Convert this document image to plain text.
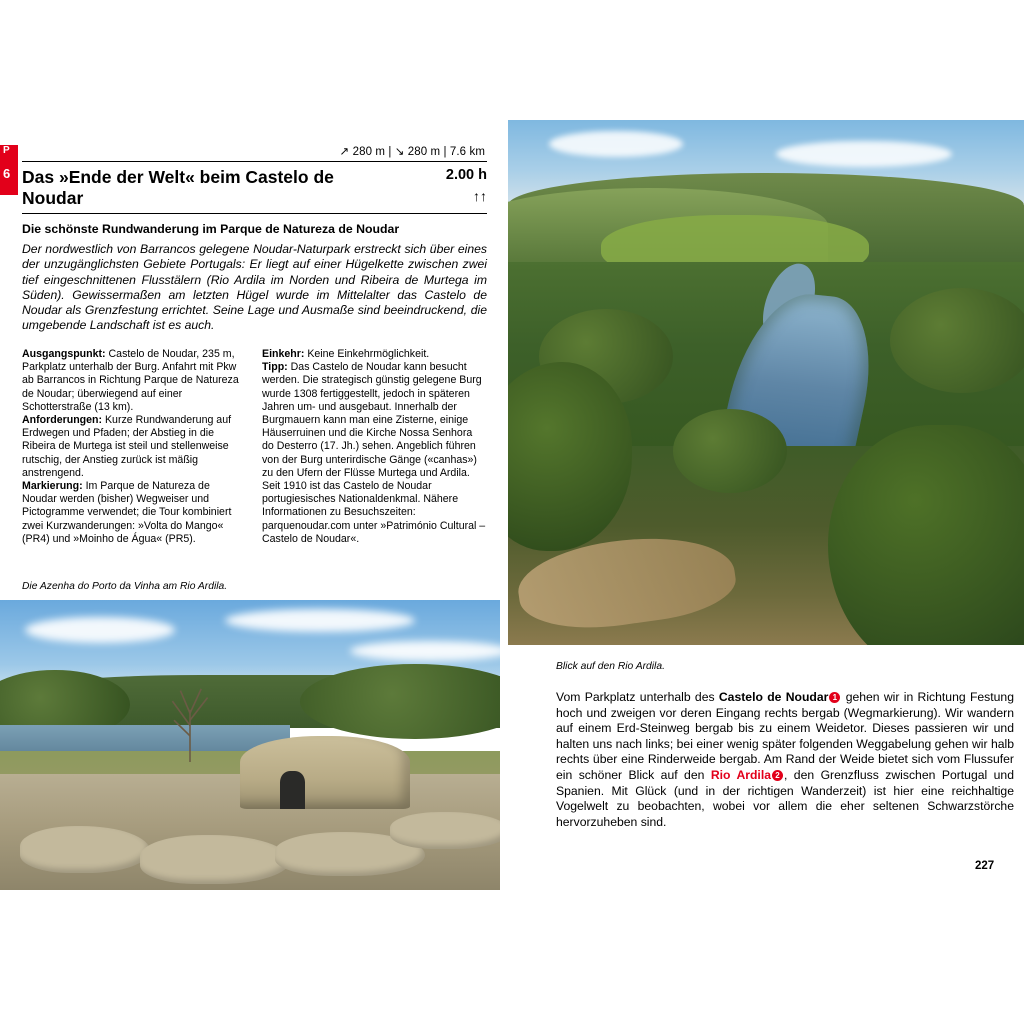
P
6
↗ 280 m | ↘ 280 m | 7.6 km
Das »Ende der Welt« beim Castelo de Noudar
2.00 h
↑↑
Die schönste Rundwanderung im Parque de Natureza de Noudar
Der nordwestlich von Barrancos gelegene Noudar-Naturpark erstreckt sich über eines der unzugänglichsten Gebiete Portugals: Er liegt auf einer Hügelkette zwischen zwei tief eingeschnittenen Flusstälern (Rio Ardila im Norden und Ribeira de Murtega im Süden). Gewissermaßen am letzten Hügel wurde im Mittelalter das Castelo de Noudar als Grenzfestung errichtet. Seine Lage und Ausmaße sind beeindruckend, die umgebende Landschaft ist es auch.

Ausgangspunkt: Castelo de Noudar, 235 m, Parkplatz unterhalb der Burg. Anfahrt mit Pkw ab Barrancos in Richtung Parque de Natureza de Noudar; überwiegend auf einer Schotterstraße (13 km).

Anforderungen: Kurze Rundwanderung auf Erdwegen und Pfaden; der Abstieg in die Ribeira de Murtega ist steil und stellenweise rutschig, der Anstieg zurück ist mäßig anstrengend.

Markierung: Im Parque de Natureza de Noudar werden (bisher) Wegweiser und Pictogramme verwendet; die Tour kombiniert zwei Kurzwanderungen: »Volta do Mango« (PR4) und »Moinho de Água« (PR5).

Einkehr: Keine Einkehrmöglichkeit.

Tipp: Das Castelo de Noudar kann besucht werden. Die strategisch günstig gelegene Burg wurde 1308 fertiggestellt, jedoch in späteren Jahren um- und ausgebaut. Innerhalb der Burgmauern kann man eine Zisterne, einige Häuserruinen und die Kirche Nossa Senhora do Desterro (17. Jh.) sehen. Angeblich führen von der Burg unterirdische Gänge («canhas») zu den Ufern der Flüsse Murtega und Ardila. Seit 1910 ist das Castelo de Noudar portugiesisches Nationaldenkmal. Nähere Informationen zu Besuchszeiten: parquenoudar.com unter »Património Cultural – Castelo de Noudar«.

Die Azenha do Porto da Vinha am Rio Ardila.
Blick auf den Rio Ardila.
Vom Parkplatz unterhalb des Castelo de Noudar 1 gehen wir in Richtung Festung hoch und zweigen vor deren Eingang rechts bergab (Wegmarkierung). Wir wandern auf einem Erd-Steinweg bergab bis zu einem Weidetor. Dieses passieren wir und halten uns nach links; bei einer wenig später folgenden Weggabelung gehen wir halb rechts über eine Rinderweide bergab. Am Rand der Weide bietet sich vom Flussufer ein schöner Blick auf den Rio Ardila 2 , den Grenzfluss zwischen Portugal und Spanien. Mit Glück (und in der richtigen Wanderzeit) ist hier eine reichhaltige Vogelwelt zu beobachten, wobei vor allem die eher seltenen Schwarzstörche hervorzuheben sind.
227
